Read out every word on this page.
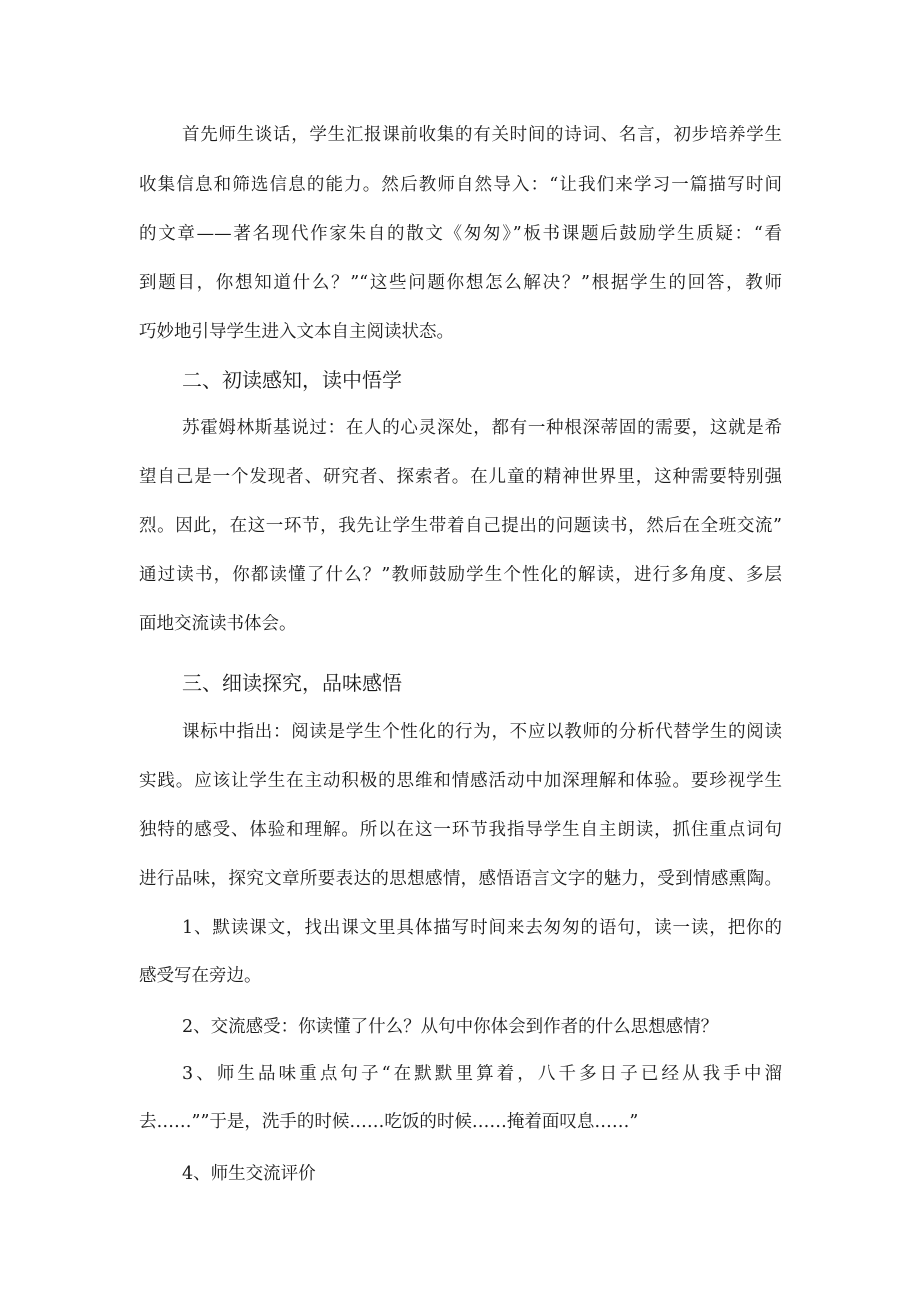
首先师生谈话，学生汇报课前收集的有关时间的诗词、名言，初步培养学生
收集信息和筛选信息的能力。然后教师自然导入：“让我们来学习一篇描写时间
的文章——著名现代作家朱自的散文《匆匆》”板书课题后鼓励学生质疑：“看
到题目，你想知道什么？”“这些问题你想怎么解决？”根据学生的回答，教师
巧妙地引导学生进入文本自主阅读状态。
二、初读感知，读中悟学
苏霍姆林斯基说过：在人的心灵深处，都有一种根深蒂固的需要，这就是希
望自己是一个发现者、研究者、探索者。在儿童的精神世界里，这种需要特别强
烈。因此，在这一环节，我先让学生带着自己提出的问题读书，然后在全班交流”
通过读书，你都读懂了什么？”教师鼓励学生个性化的解读，进行多角度、多层
面地交流读书体会。
三、细读探究，品味感悟
课标中指出：阅读是学生个性化的行为，不应以教师的分析代替学生的阅读
实践。应该让学生在主动积极的思维和情感活动中加深理解和体验。要珍视学生
独特的感受、体验和理解。所以在这一环节我指导学生自主朗读，抓住重点词句
进行品味，探究文章所要表达的思想感情，感悟语言文字的魅力，受到情感熏陶。
1、默读课文，找出课文里具体描写时间来去匆匆的语句，读一读，把你的
感受写在旁边。
2、交流感受：你读懂了什么？从句中你体会到作者的什么思想感情？
3、师生品味重点句子“在默默里算着，八千多日子已经从我手中溜
去……””于是，洗手的时候……吃饭的时候……掩着面叹息……”
4、师生交流评价
